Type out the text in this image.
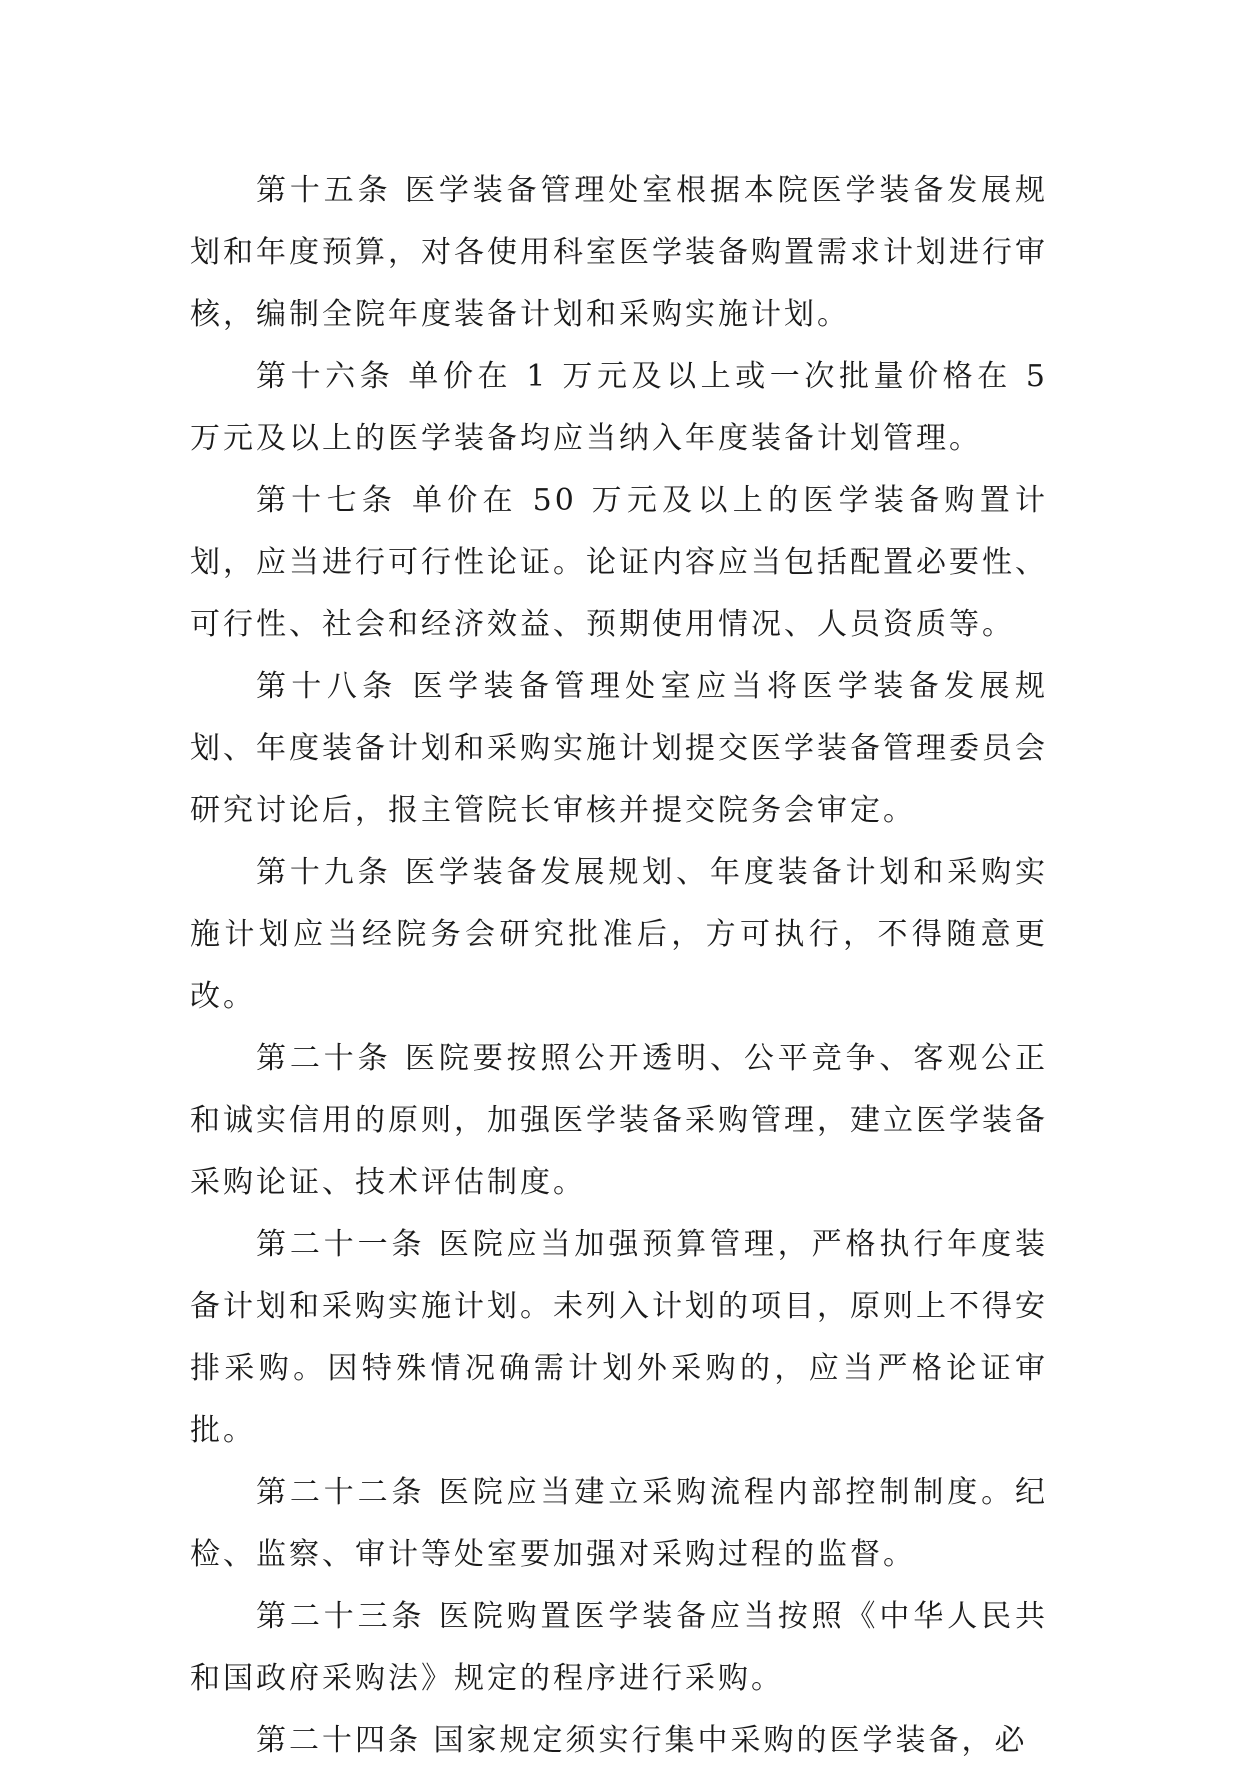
第十五条 医学装备管理处室根据本院医学装备发展规划和年度预算，对各使用科室医学装备购置需求计划进行审核，编制全院年度装备计划和采购实施计划。

第十六条 单价在 1 万元及以上或一次批量价格在 5 万元及以上的医学装备均应当纳入年度装备计划管理。

第十七条 单价在 50 万元及以上的医学装备购置计划，应当进行可行性论证。论证内容应当包括配置必要性、可行性、社会和经济效益、预期使用情况、人员资质等。

第十八条 医学装备管理处室应当将医学装备发展规划、年度装备计划和采购实施计划提交医学装备管理委员会研究讨论后，报主管院长审核并提交院务会审定。

第十九条 医学装备发展规划、年度装备计划和采购实施计划应当经院务会研究批准后，方可执行，不得随意更改。

第二十条 医院要按照公开透明、公平竞争、客观公正和诚实信用的原则，加强医学装备采购管理，建立医学装备采购论证、技术评估制度。

第二十一条 医院应当加强预算管理，严格执行年度装备计划和采购实施计划。未列入计划的项目，原则上不得安排采购。因特殊情况确需计划外采购的，应当严格论证审批。

第二十二条 医院应当建立采购流程内部控制制度。纪检、监察、审计等处室要加强对采购过程的监督。

第二十三条 医院购置医学装备应当按照《中华人民共和国政府采购法》规定的程序进行采购。

第二十四条 国家规定须实行集中采购的医学装备，必
